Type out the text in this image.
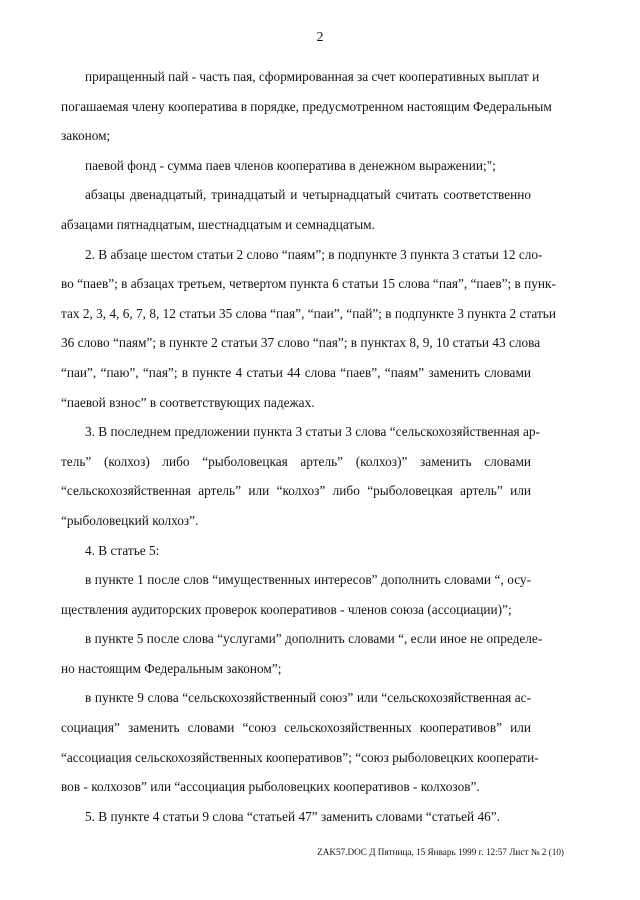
2
приращенный пай - часть пая, сформированная за счет кооперативных выплат и
погашаемая члену кооператива в порядке, предусмотренном настоящим Федеральным
законом;
паевой фонд - сумма паев членов кооператива в денежном выражении;";
абзацы двенадцатый, тринадцатый и четырнадцатый считать соответственно
абзацами пятнадцатым, шестнадцатым и семнадцатым.
2. В абзаце шестом статьи 2 слово “паям”; в подпункте 3 пункта 3 статьи 12 сло-
во “паев”; в абзацах третьем, четвертом пункта 6 статьи 15 слова “пая”, “паев”; в пунк-
тах 2, 3, 4, 6, 7, 8, 12 статьи 35 слова “пая”, “паи”, “пай”; в подпункте 3 пункта 2 статьи
36 слово “паям”; в пункте 2 статьи 37 слово “пая”; в пунктах 8, 9, 10 статьи 43 слова
“паи”, “паю”, “пая”; в пункте 4 статьи 44 слова “паев”, “паям” заменить словами
“паевой взнос” в соответствующих падежах.
3. В последнем предложении пункта 3 статьи 3 слова “сельскохозяйственная ар-
тель” (колхоз) либо “рыболовецкая артель” (колхоз)” заменить словами
“сельскохозяйственная артель” или “колхоз” либо “рыболовецкая артель” или
“рыболовецкий колхоз”.
4. В статье 5:
в пункте 1 после слов “имущественных интересов” дополнить словами “, осу-
ществления аудиторских проверок кооперативов - членов союза (ассоциации)”;
в пункте 5 после слова “услугами” дополнить словами “, если иное не определе-
но настоящим Федеральным законом”;
в пункте 9 слова “сельскохозяйственный союз” или “сельскохозяйственная ас-
социация” заменить словами “союз сельскохозяйственных кооперативов” или
“ассоциация сельскохозяйственных кооперативов”; “союз рыболовецких кооперати-
вов - колхозов” или “ассоциация рыболовецких кооперативов - колхозов”.
5. В пункте 4 статьи 9 слова “статьей 47” заменить словами “статьей 46”.
ZAK57.DOC Д Пятница, 15 Январь 1999 г. 12:57 Лист № 2 (10)
